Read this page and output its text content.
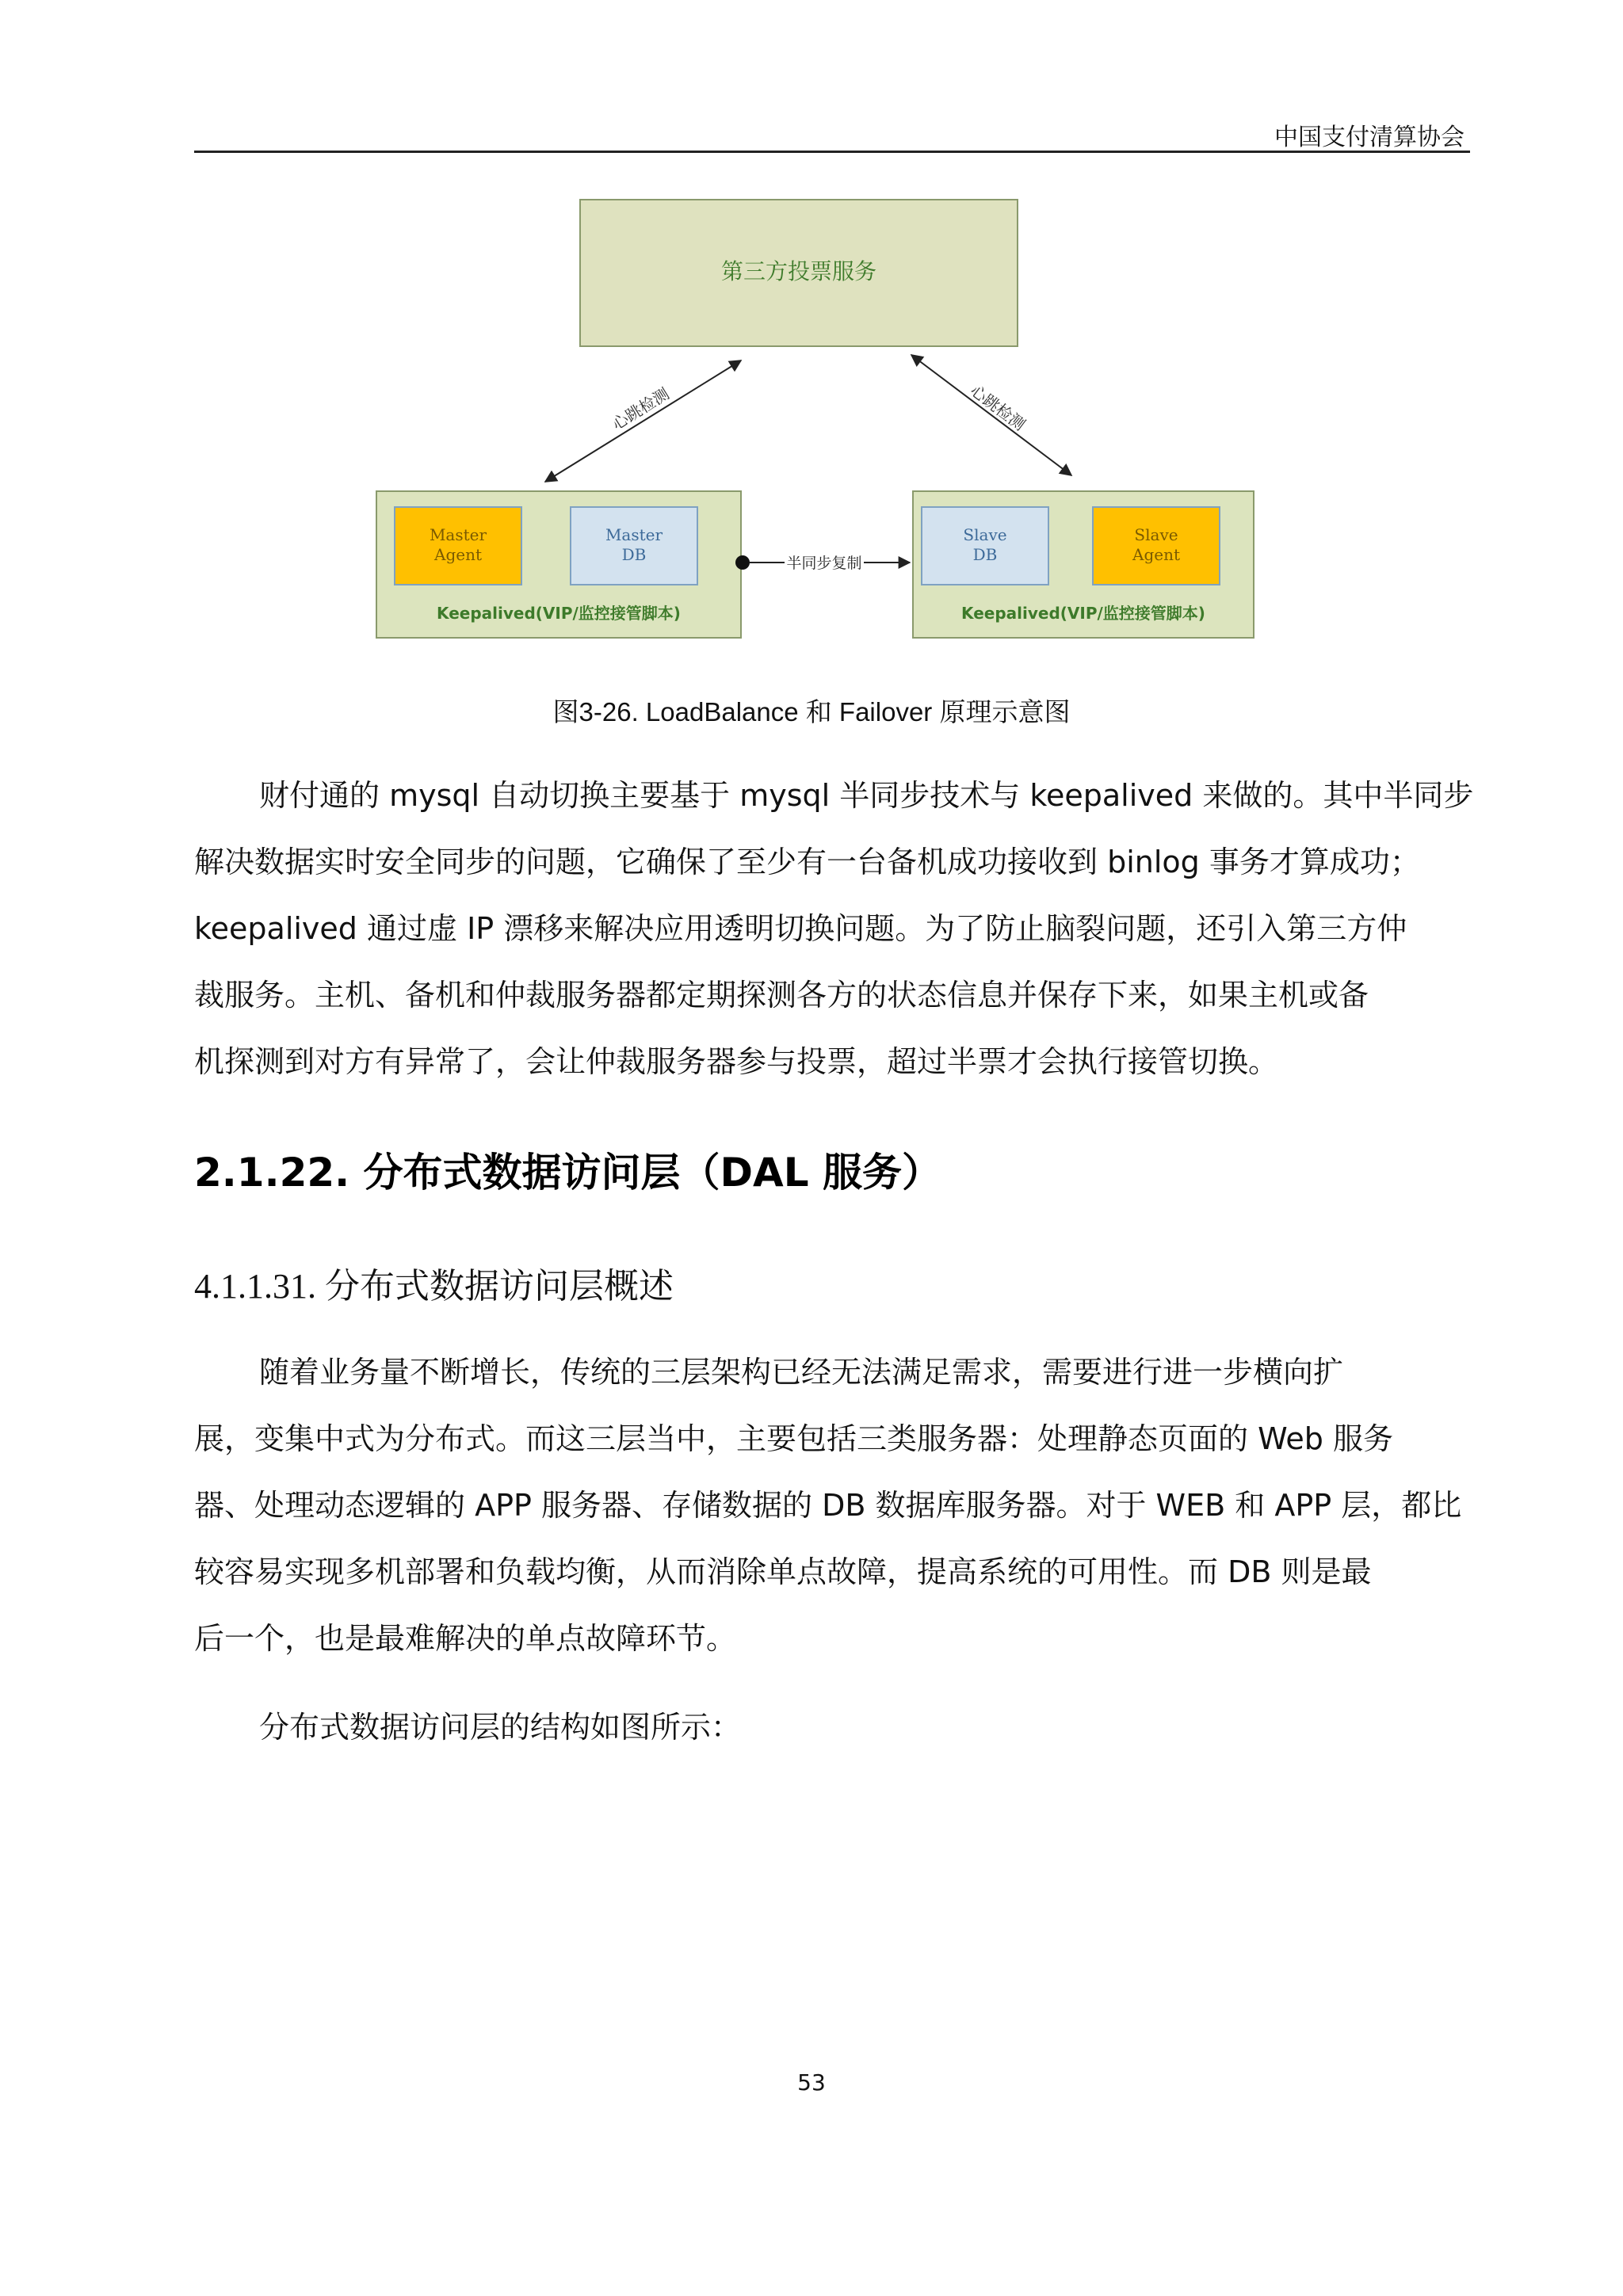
中国支付清算协会
第三方投票服务
心跳检测	心跳检测
Master
Agent
Master
DB
Keepalived(VIP/监控接管脚本)
半同步复制
Slave
DB
Slave
Agent
Keepalived(VIP/监控接管脚本)
图3-26. LoadBalance 和 Failover 原理示意图

财付通的 mysql 自动切换主要基于 mysql 半同步技术与 keepalived 来做的。其中半同步

解决数据实时安全同步的问题，它确保了至少有一台备机成功接收到 binlog 事务才算成功；

keepalived 通过虚 IP 漂移来解决应用透明切换问题。为了防止脑裂问题，还引入第三方仲

裁服务。主机、备机和仲裁服务器都定期探测各方的状态信息并保存下来，如果主机或备

机探测到对方有异常了，会让仲裁服务器参与投票，超过半票才会执行接管切换。

2.1.22. 分布式数据访问层（DAL 服务）
4.1.1.31. 分布式数据访问层概述

随着业务量不断增长，传统的三层架构已经无法满足需求，需要进行进一步横向扩

展，变集中式为分布式。而这三层当中，主要包括三类服务器：处理静态页面的 Web 服务

器、处理动态逻辑的 APP 服务器、存储数据的 DB 数据库服务器。对于 WEB 和 APP 层，都比

较容易实现多机部署和负载均衡，从而消除单点故障，提高系统的可用性。而 DB 则是最

后一个，也是最难解决的单点故障环节。

分布式数据访问层的结构如图所示：

53
